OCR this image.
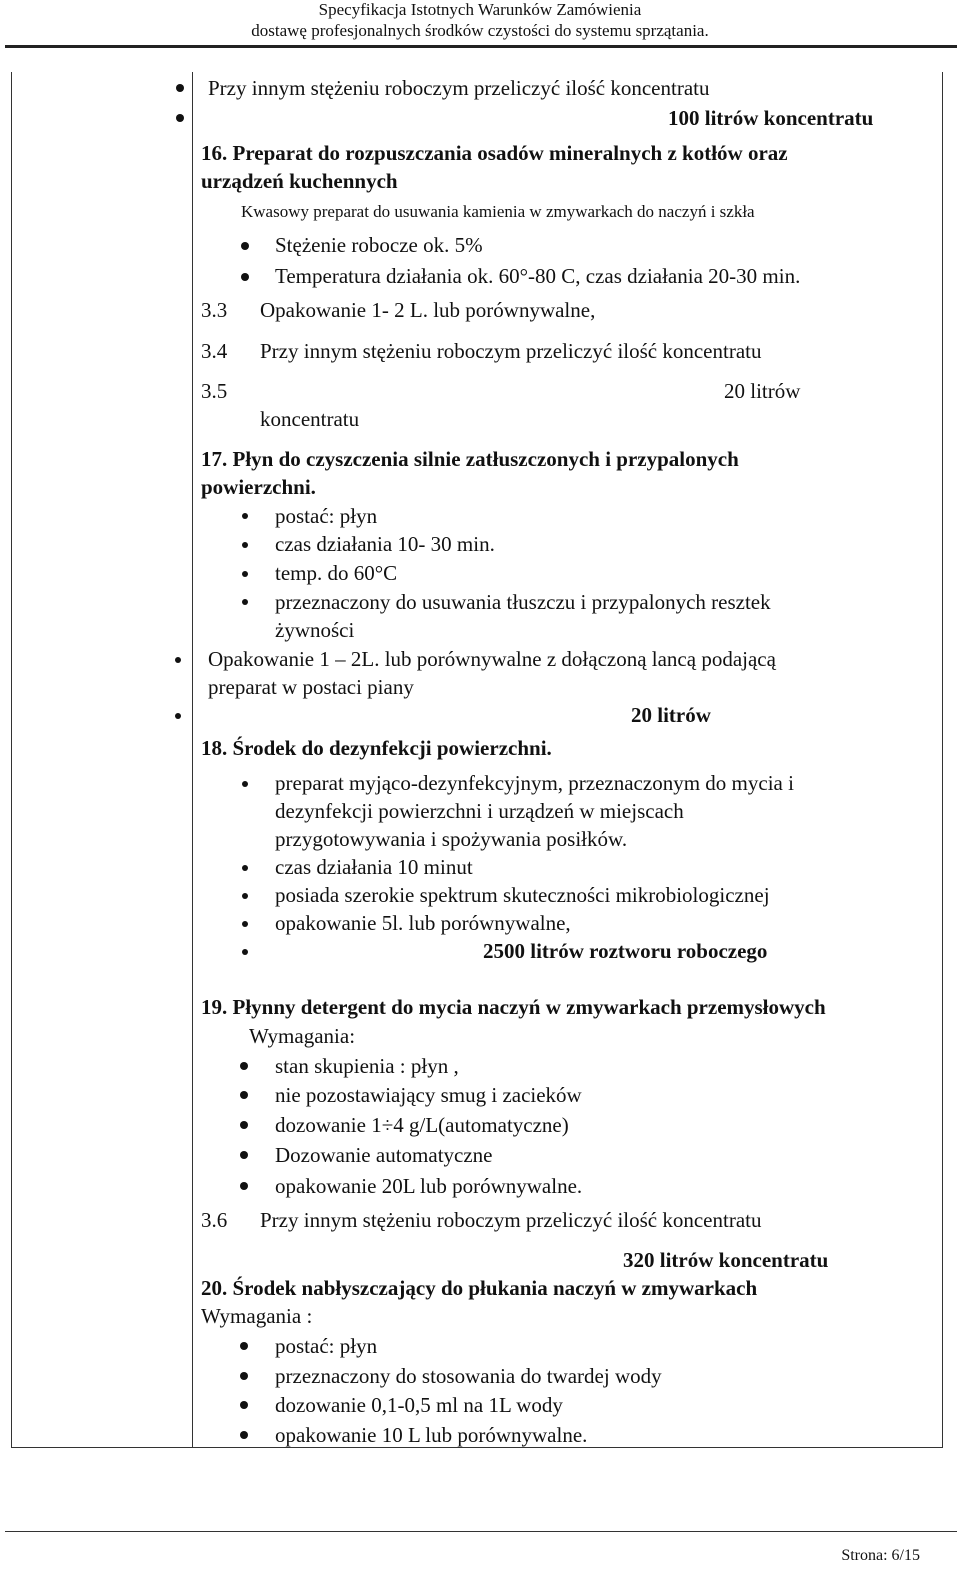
Specyfikacja Istotnych Warunków Zamówienia
dostawę profesjonalnych środków czystości do systemu sprzątania.
Przy innym stężeniu roboczym przeliczyć ilość koncentratu
100 litrów koncentratu
16. Preparat do rozpuszczania osadów mineralnych z kotłów oraz
urządzeń kuchennych
Kwasowy preparat do usuwania kamienia w zmywarkach do naczyń i szkła
Stężenie robocze ok. 5%
Temperatura działania ok. 60°-80 C, czas działania 20-30 min.
3.3 Opakowanie 1- 2 L. lub porównywalne,
3.4 Przy innym stężeniu roboczym przeliczyć ilość koncentratu
3.5	20 litrów
koncentratu
17. Płyn do czyszczenia silnie zatłuszczonych i przypalonych
powierzchni.
postać: płyn
czas działania 10- 30 min.
temp. do 60°C
przeznaczony do usuwania tłuszczu i przypalonych resztek
żywności
Opakowanie 1 – 2L. lub porównywalne z dołączoną lancą podającą
preparat w postaci piany
20 litrów
18. Środek do dezynfekcji powierzchni.
preparat myjąco-dezynfekcyjnym, przeznaczonym do mycia i
dezynfekcji powierzchni i urządzeń w miejscach
przygotowywania i spożywania posiłków.
czas działania 10 minut
posiada szerokie spektrum skuteczności mikrobiologicznej
opakowanie 5l. lub porównywalne,
2500 litrów roztworu roboczego
19. Płynny detergent do mycia naczyń w zmywarkach przemysłowych
Wymagania:
stan skupienia : płyn ,
nie pozostawiający smug i zacieków
dozowanie 1÷4 g/L(automatyczne)
Dozowanie automatyczne
opakowanie 20L lub porównywalne.
3.6 Przy innym stężeniu roboczym przeliczyć ilość koncentratu
320 litrów koncentratu
20. Środek nabłyszczający do płukania naczyń w zmywarkach
Wymagania :
postać: płyn
przeznaczony do stosowania do twardej wody
dozowanie 0,1-0,5 ml na 1L wody
opakowanie 10 L lub porównywalne.
Strona: 6/15
